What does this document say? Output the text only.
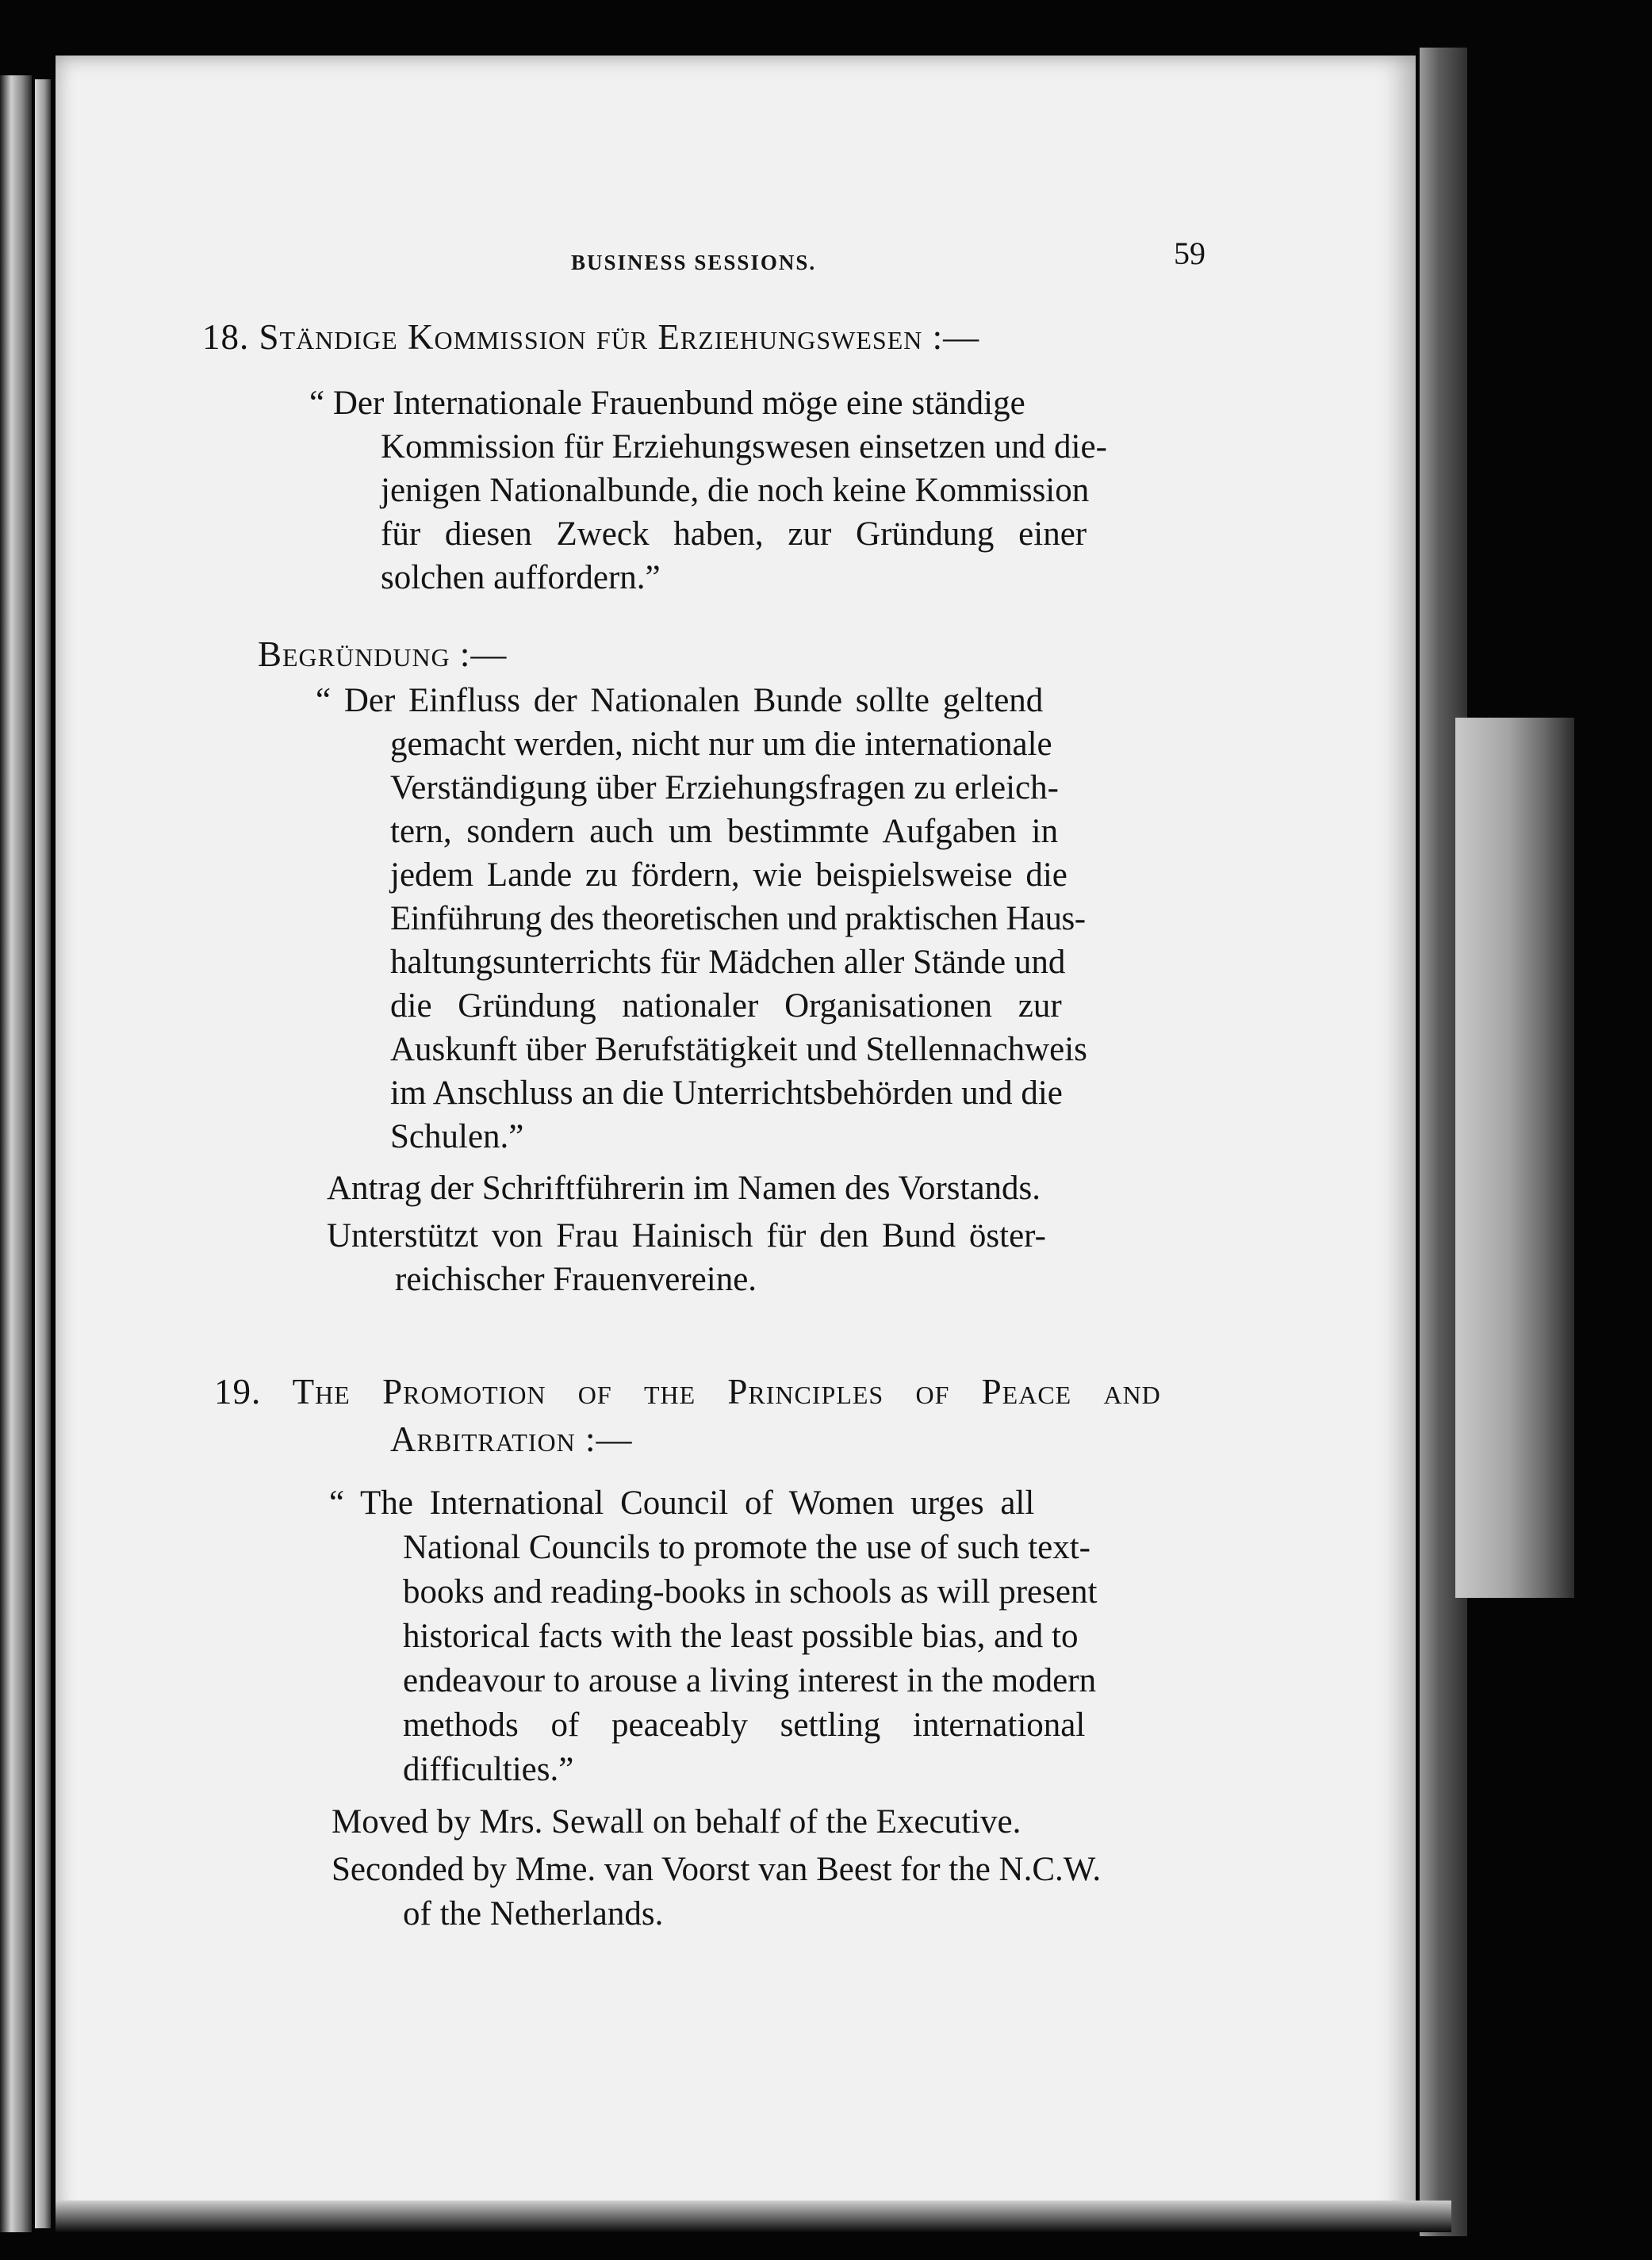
BUSINESS SESSIONS.	59
18. Ständige Kommission für Erziehungswesen :—
“ Der Internationale Frauenbund möge eine ständige
Kommission für Erziehungswesen einsetzen und die-
jenigen Nationalbunde, die noch keine Kommission
für diesen Zweck haben, zur Gründung einer
solchen auffordern.”
Begründung :—
“ Der Einfluss der Nationalen Bunde sollte geltend
gemacht werden, nicht nur um die internationale
Verständigung über Erziehungsfragen zu erleich-
tern, sondern auch um bestimmte Aufgaben in
jedem Lande zu fördern, wie beispielsweise die
Einführung des theoretischen und praktischen Haus-
haltungsunterrichts für Mädchen aller Stände und
die Gründung nationaler Organisationen zur
Auskunft über Berufstätigkeit und Stellennachweis
im Anschluss an die Unterrichtsbehörden und die
Schulen.”
Antrag der Schriftführerin im Namen des Vorstands.
Unterstützt von Frau Hainisch für den Bund öster-
reichischer Frauenvereine.
19. The Promotion of the Principles of Peace and
Arbitration :—
“ The International Council of Women urges all
National Councils to promote the use of such text-
books and reading-books in schools as will present
historical facts with the least possible bias, and to
endeavour to arouse a living interest in the modern
methods of peaceably settling international
difficulties.”
Moved by Mrs. Sewall on behalf of the Executive.
Seconded by Mme. van Voorst van Beest for the N.C.W.
of the Netherlands.
